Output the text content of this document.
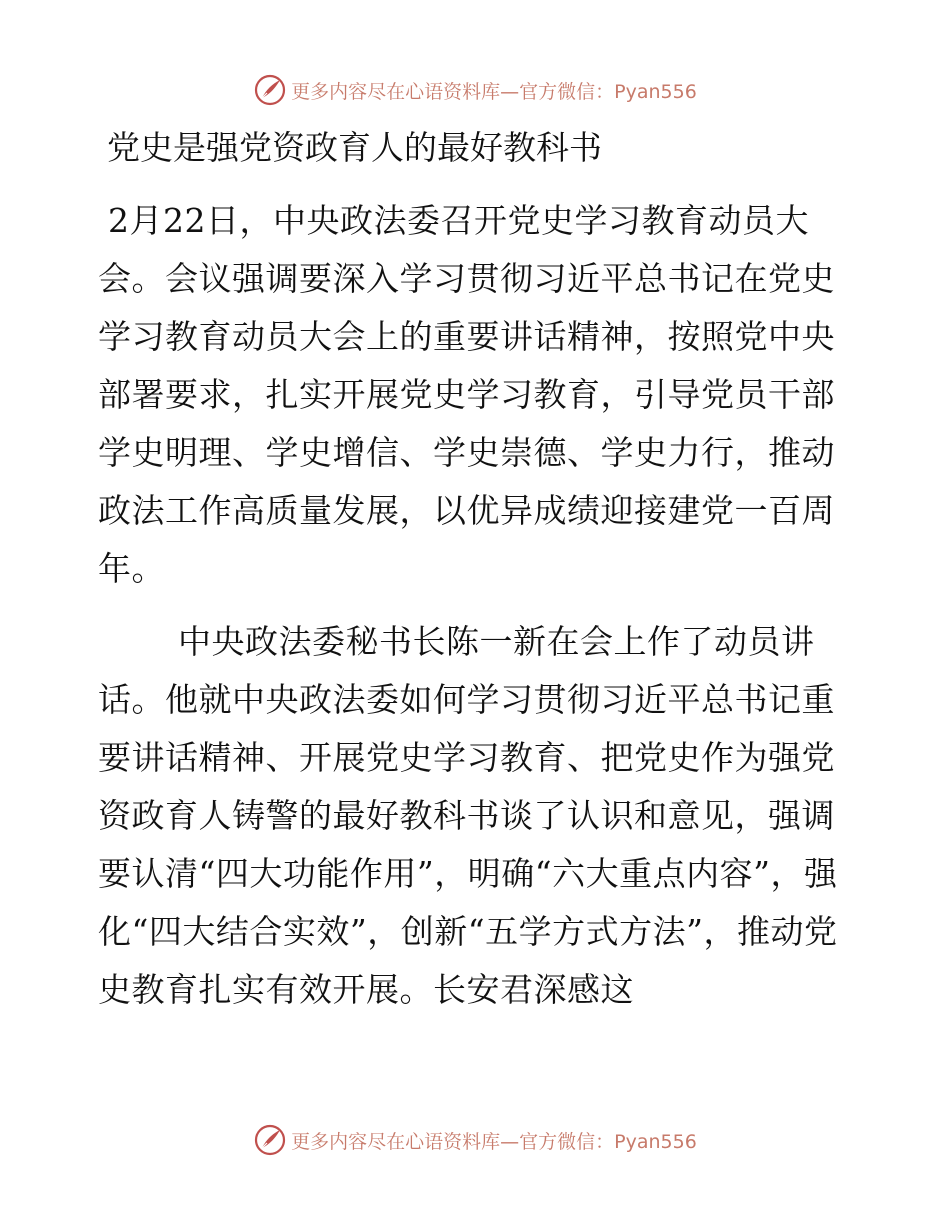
更多内容尽在心语资料库—官方微信：Pyan556
党史是强党资政育人的最好教科书

2月22日，中央政法委召开党史学习教育动员大会。会议强调要深入学习贯彻习近平总书记在党史学习教育动员大会上的重要讲话精神，按照党中央部署要求，扎实开展党史学习教育，引导党员干部学史明理、学史增信、学史崇德、学史力行，推动政法工作高质量发展，以优异成绩迎接建党一百周年。

中央政法委秘书长陈一新在会上作了动员讲话。他就中央政法委如何学习贯彻习近平总书记重要讲话精神、开展党史学习教育、把党史作为强党资政育人铸警的最好教科书谈了认识和意见，强调要认清“四大功能作用”，明确“六大重点内容”，强化“四大结合实效”，创新“五学方式方法”，推动党史教育扎实有效开展。长安君深感这

更多内容尽在心语资料库—官方微信：Pyan556
